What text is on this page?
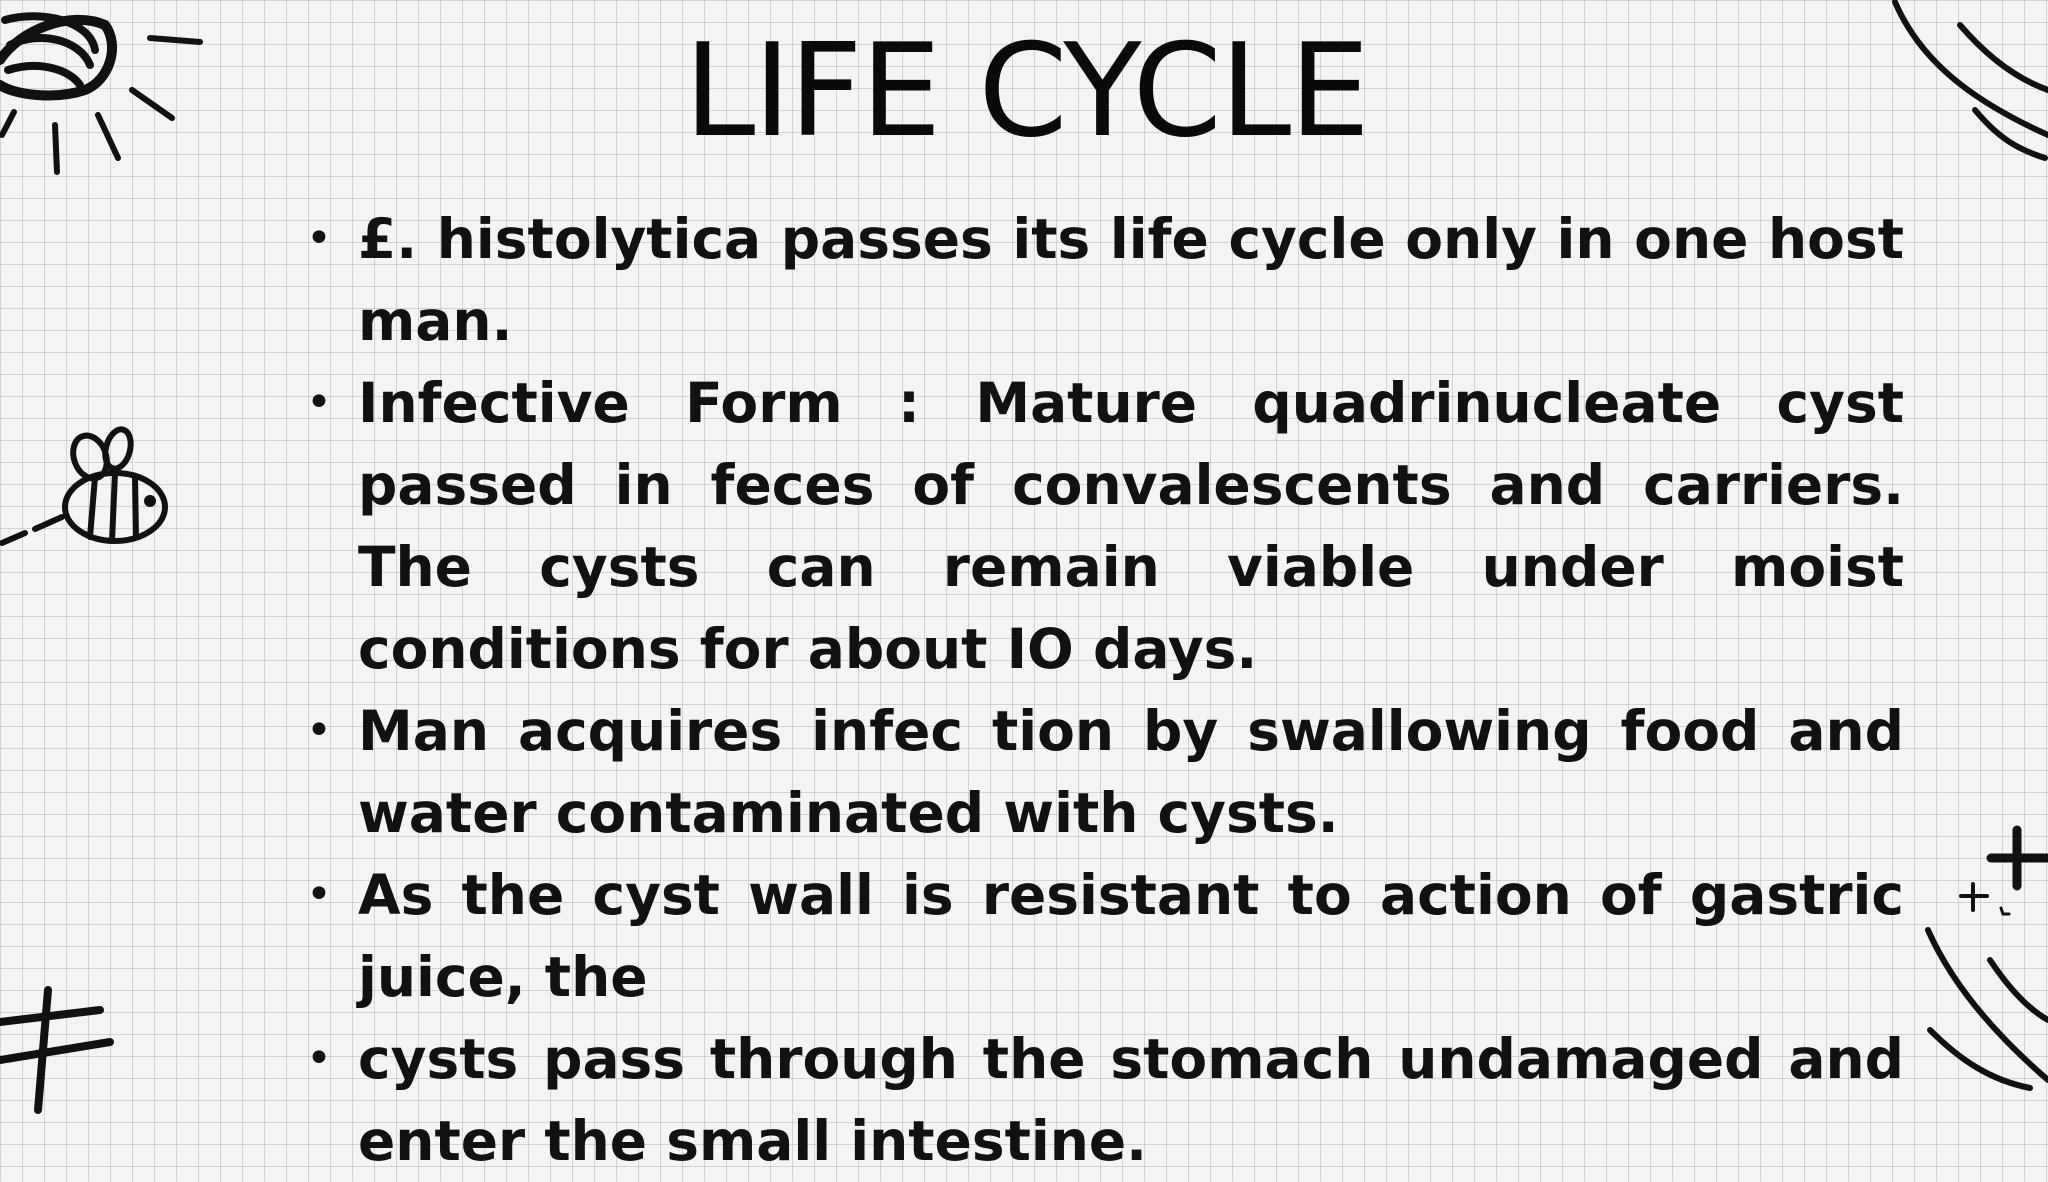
LIFE CYCLE
• £. histolytica passes its life cycle only in one host man.
• Infective Form : Mature quadrinucleate cyst passed in feces of convalescents and carriers. The cysts can remain viable under moist conditions for about IO days.
• Man acquires infec tion by swallowing food and water contaminated with cysts.
• As the cyst wall is resistant to action of gastric juice, the
• cysts pass through the stomach undamaged and enter the small intestine.
